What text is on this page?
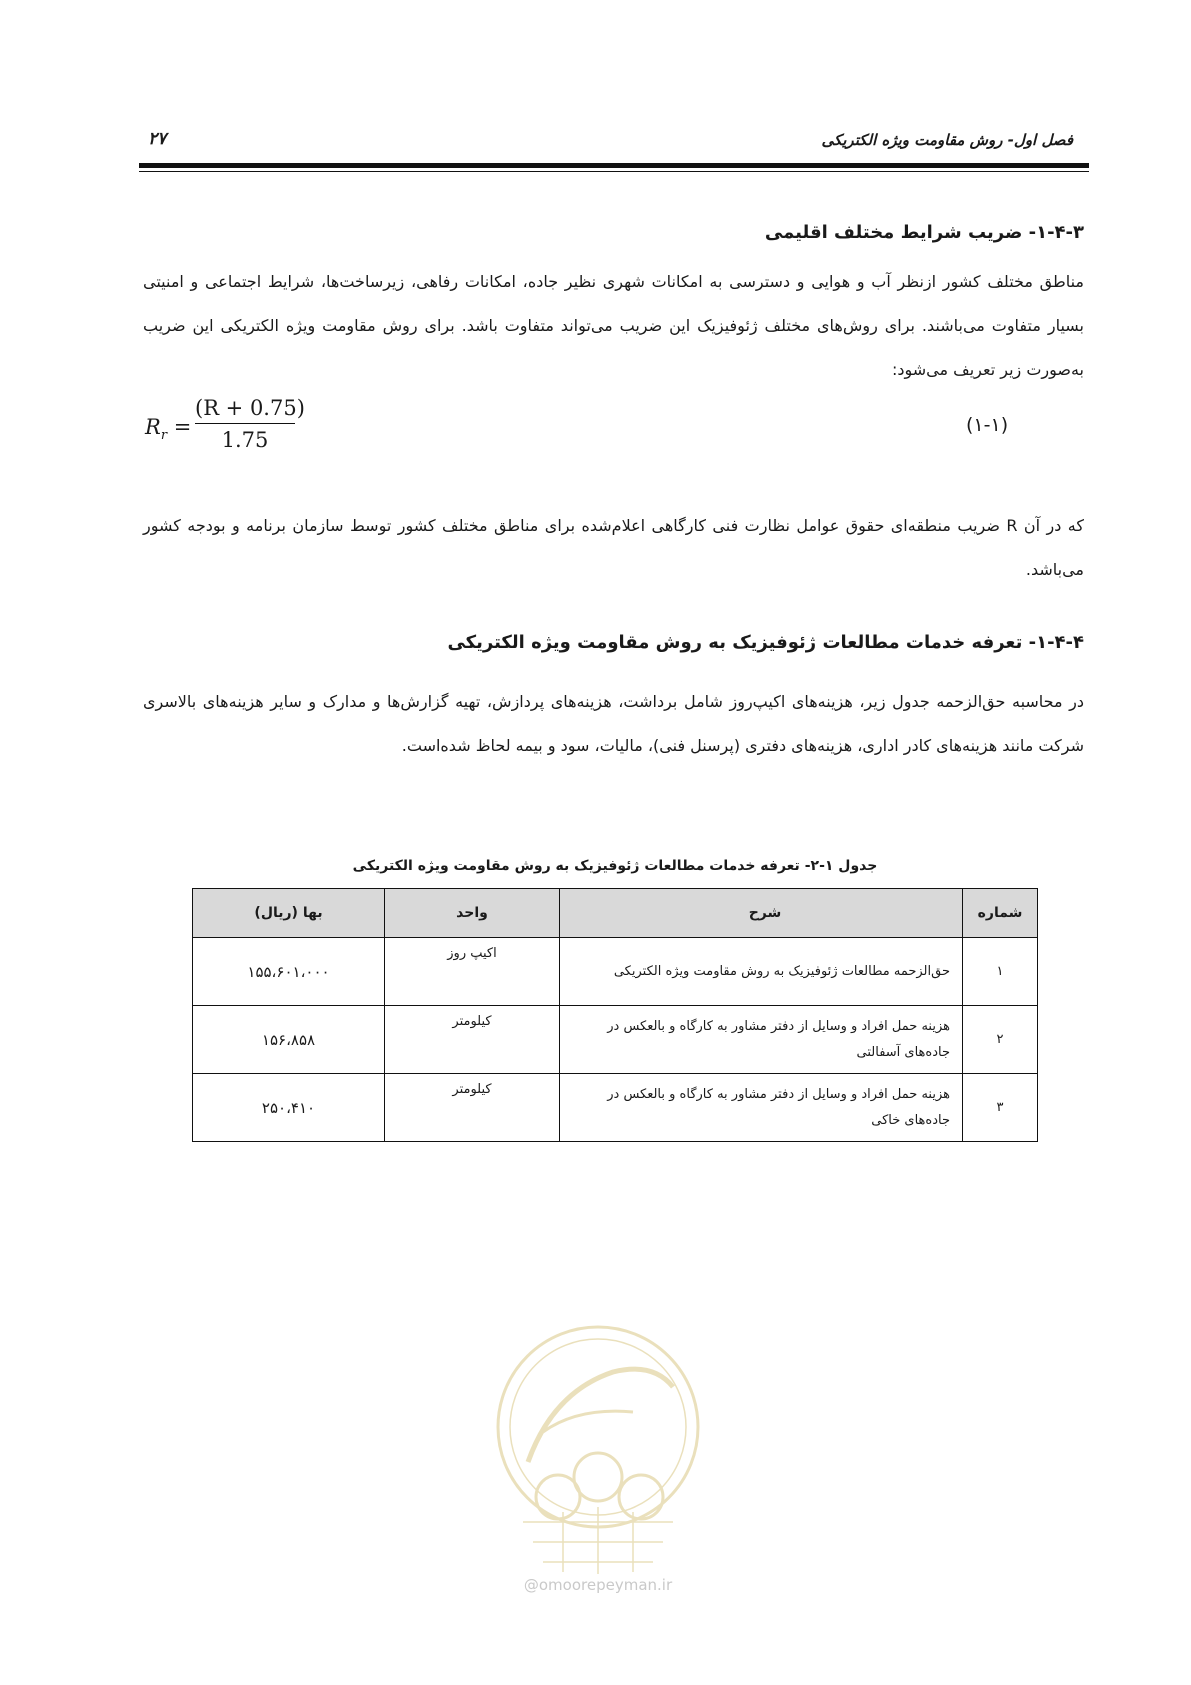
فصل اول- روش مقاومت ویژه الکتریکی
۲۷
۱-۴-۳- ضریب شرایط مختلف اقلیمی
مناطق مختلف کشور ازنظر آب و هوایی و دسترسی به امکانات شهری نظیر جاده، امکانات رفاهی، زیرساخت‌ها، شرایط اجتماعی و امنیتی بسیار متفاوت می‌باشند. برای روش‌های مختلف ژئوفیزیک این ضریب می‌تواند متفاوت باشد. برای روش مقاومت ویژه الکتریکی این ضریب به‌صورت زیر تعریف می‌شود:
$R_r$ =
(R + 0.75)
1.75
(۱-۱)
که در آن R ضریب منطقه‌ای حقوق عوامل نظارت فنی کارگاهی اعلام‌شده برای مناطق مختلف کشور توسط سازمان برنامه و بودجه کشور می‌باشد.
۱-۴-۴- تعرفه خدمات مطالعات ژئوفیزیک به روش مقاومت ویژه الکتریکی
در محاسبه حق‌الزحمه جدول زیر، هزینه‌های اکیپ‌روز شامل برداشت، هزینه‌های پردازش، تهیه گزارش‌ها و مدارک و سایر هزینه‌های بالاسری شرکت مانند هزینه‌های کادر اداری، هزینه‌های دفتری (پرسنل فنی)، مالیات، سود و بیمه لحاظ شده‌است.
جدول ۱-۲- تعرفه خدمات مطالعات ژئوفیزیک به روش مقاومت ویژه الکتریکی
شماره	شرح	واحد	بها (ریال)
۱	حق‌الزحمه مطالعات ژئوفیزیک به روش مقاومت ویژه الکتریکی	اکیپ روز	۱۵۵،۶۰۱،۰۰۰
۲	هزینه حمل افراد و وسایل از دفتر مشاور به کارگاه و بالعکس در جاده‌های آسفالتی	کیلومتر	۱۵۶،۸۵۸
۳	هزینه حمل افراد و وسایل از دفتر مشاور به کارگاه و بالعکس در جاده‌های خاکی	کیلومتر	۲۵۰،۴۱۰
@omoorepeyman.ir
